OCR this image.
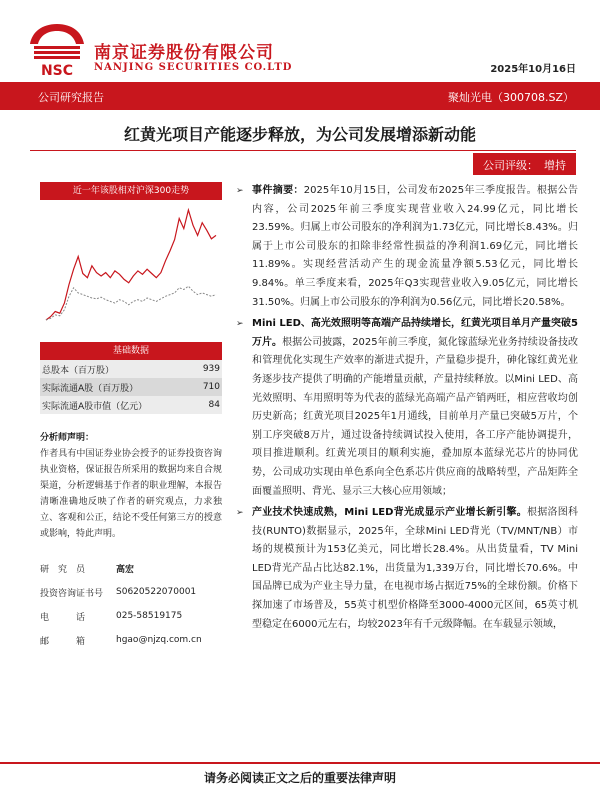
NSC
南京证券股份有限公司
NANJING SECURITIES CO.LTD	2025年10月16日
公司研究报告	聚灿光电（300708.SZ）
红黄光项目产能逐步释放，为公司发展增添新动能
公司评级： 增持
近一年该股相对沪深300走势
基础数据
总股本（百万股）	939
实际流通A股（百万股）	710
实际流通A股市值（亿元）	84
分析师声明：

作者具有中国证券业协会授予的证券投资咨询执业资格，保证报告所采用的数据均来自合规渠道，分析逻辑基于作者的职业理解，本报告清晰准确地反映了作者的研究观点，力求独立、客观和公正，结论不受任何第三方的授意或影响，特此声明。

研　究　员	高宏
投资咨询证书号	S0620522070001
电　　　话	025-58519175
邮　　　箱	hgao@njzq.com.cn
➢ 事件摘要：2025年10月15日，公司发布2025年三季度报告。根据公告内容，公司2025年前三季度实现营业收入24.99亿元，同比增长23.59%。归属上市公司股东的净利润为1.73亿元，同比增长8.43%。归属于上市公司股东的扣除非经常性损益的净利润1.69亿元，同比增长11.89%。实现经营活动产生的现金流量净额5.53亿元，同比增长9.84%。单三季度来看，2025年Q3实现营业收入9.05亿元，同比增长31.50%。归属上市公司股东的净利润为0.56亿元，同比增长20.58%。
➢ Mini LED、高光效照明等高端产品持续增长，红黄光项目单月产量突破5万片。根据公司披露，2025年前三季度，氮化镓蓝绿光业务持续设备技改和管理优化实现生产效率的渐进式提升，产量稳步提升，砷化镓红黄光业务逐步技产提供了明确的产能增量贡献，产量持续释放。以Mini LED、高光效照明、车用照明等为代表的蓝绿光高端产品产销两旺，相应营收均创历史新高；红黄光项目2025年1月通线，目前单月产量已突破5万片，个别工序突破8万片，通过设备持续调试投入使用，各工序产能协调提升，项目推进顺利。红黄光项目的顺利实施，叠加原本蓝绿光芯片的协同优势，公司成功实现由单色系向全色系芯片供应商的战略转型，产品矩阵全面覆盖照明、背光、显示三大核心应用领域；
➢ 产业技术快速成熟，Mini LED背光成显示产业增长新引擎。根据洛图科技(RUNTO)数据显示，2025年，全球Mini LED背光（TV/MNT/NB）市场的规模预计为153亿美元，同比增长28.4%。从出货量看，TV Mini LED背光产品占比达82.1%，出货量为1,339万台，同比增长70.6%。中国品牌已成为产业主导力量，在电视市场占据近75%的全球份额。价格下探加速了市场普及，55英寸机型价格降至3000-4000元区间，65英寸机型稳定在6000元左右，均较2023年有千元级降幅。在车载显示领域，
请务必阅读正文之后的重要法律声明
